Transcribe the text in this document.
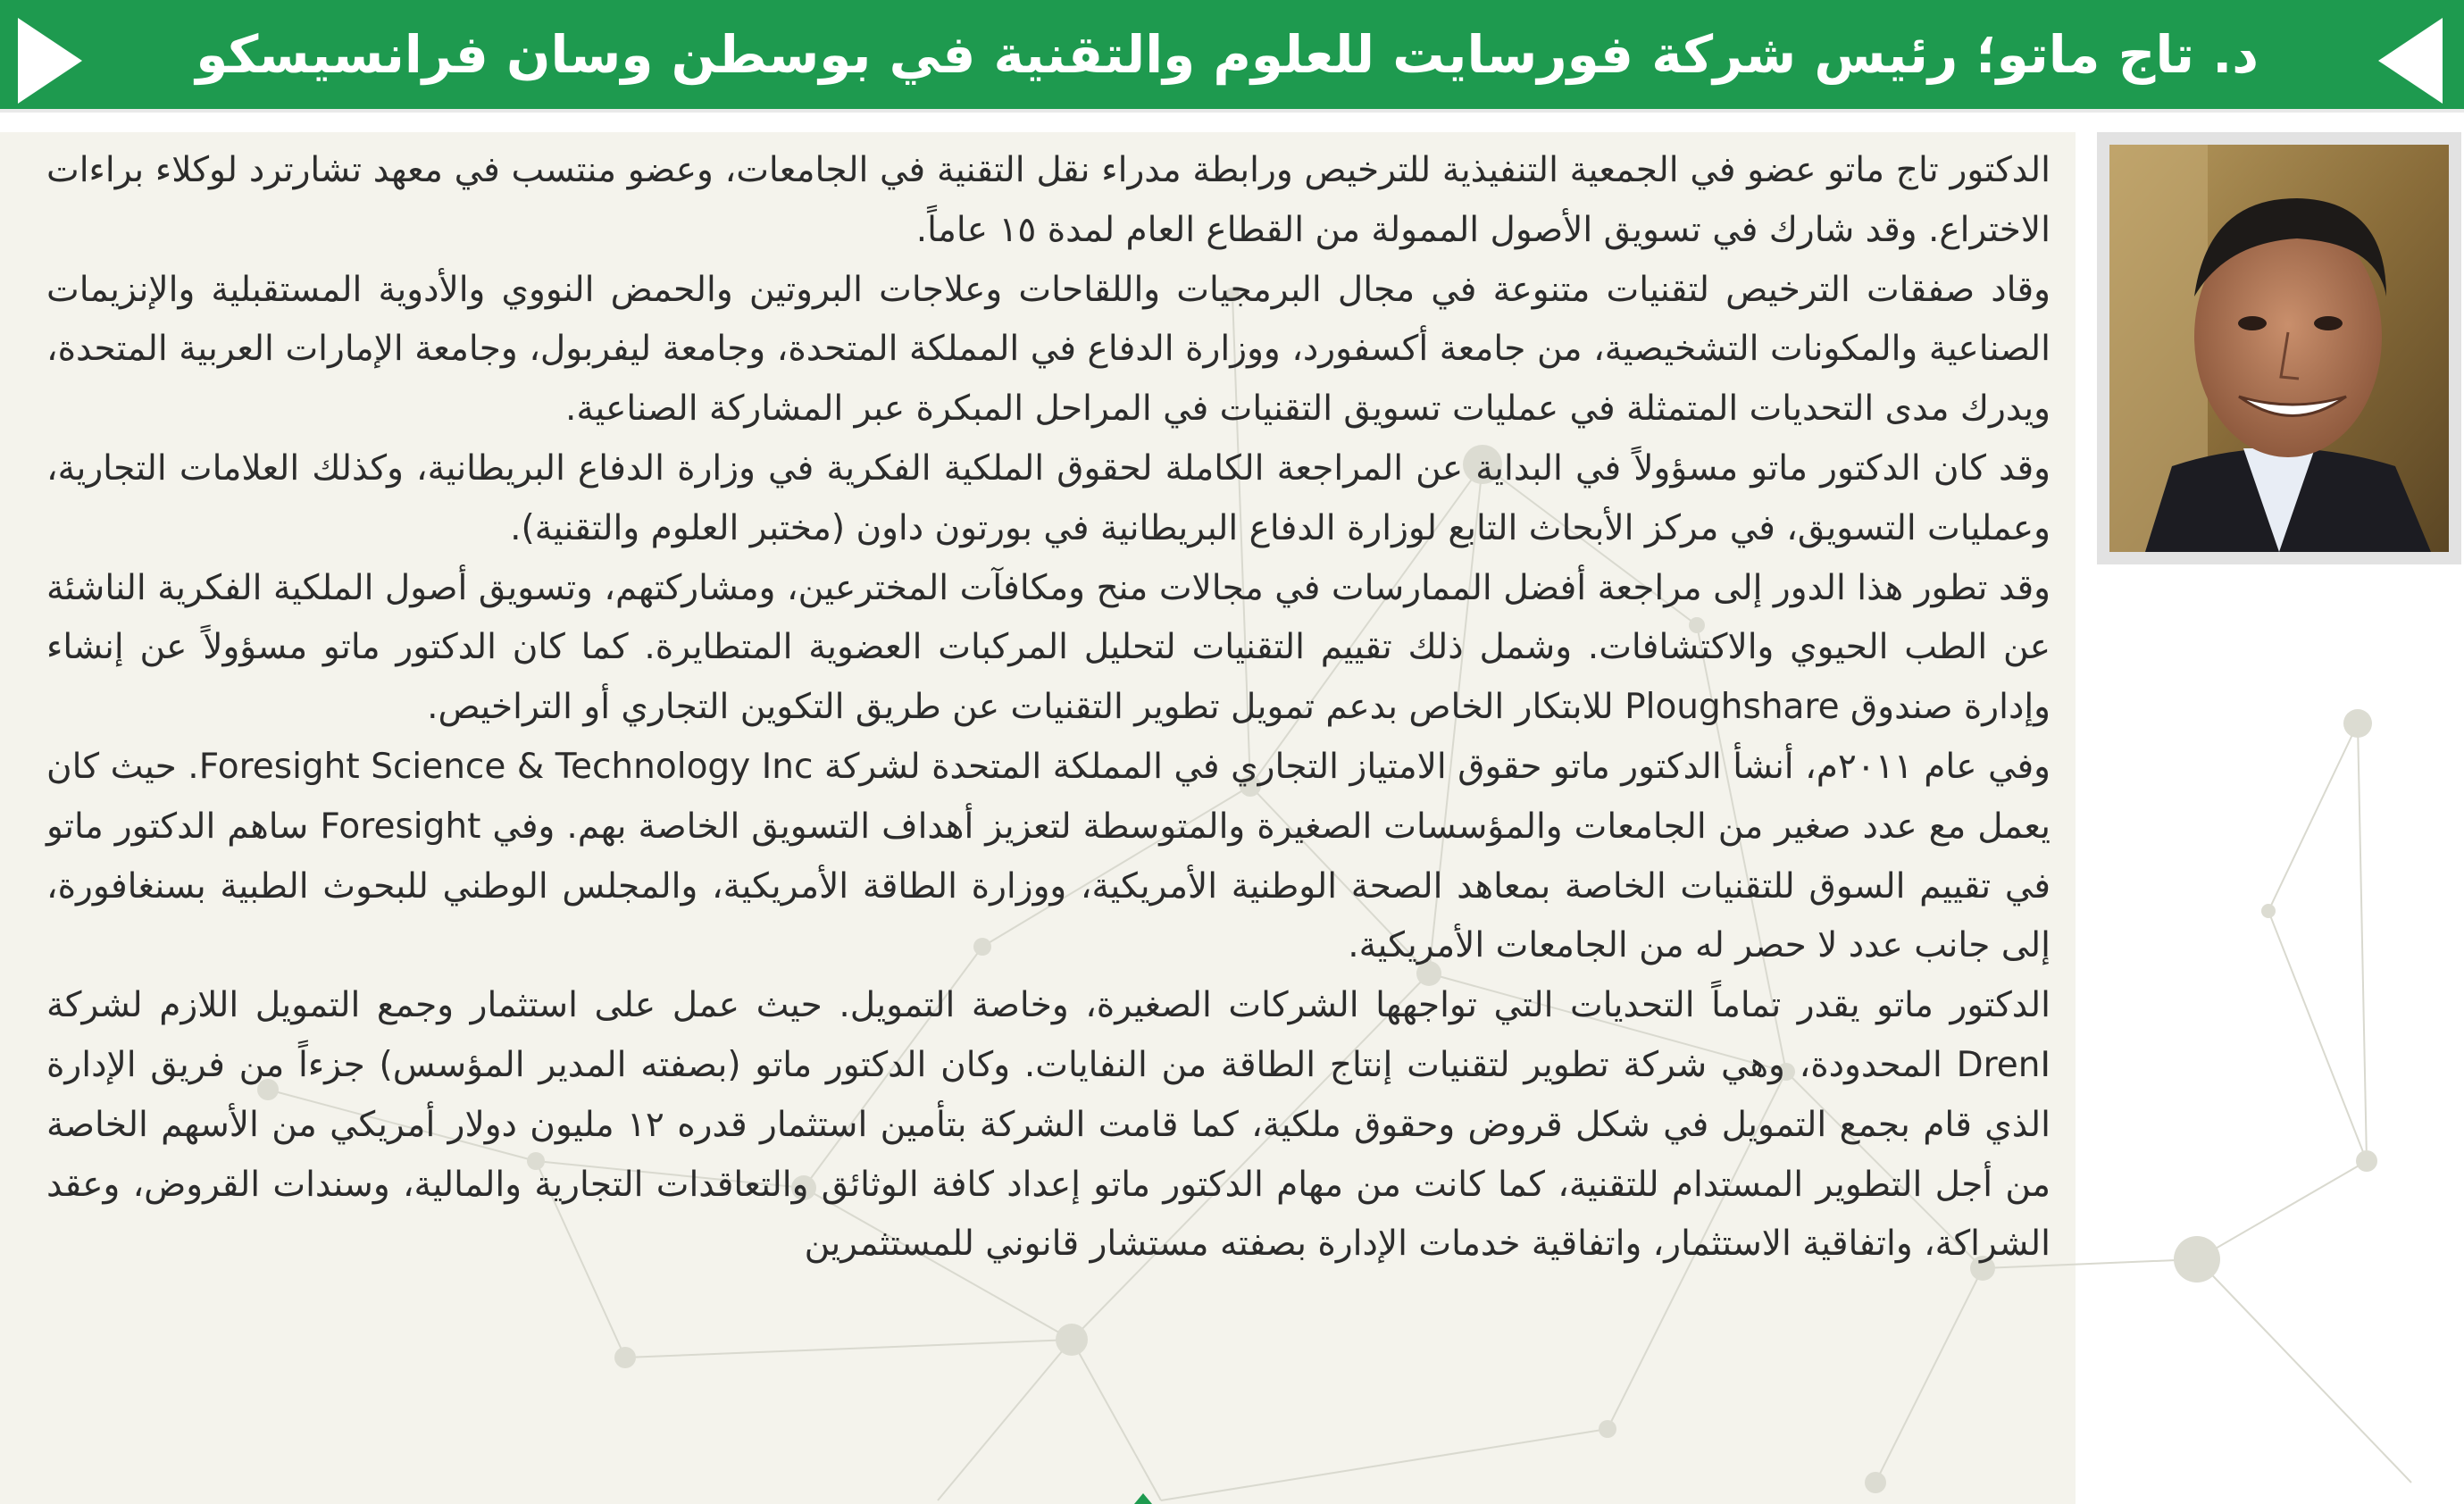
د. تاج ماتو؛ رئيس شركة فورسايت للعلوم والتقنية في بوسطن وسان فرانسيسكو

الدكتور تاج ماتو عضو في الجمعية التنفيذية للترخيص ورابطة مدراء نقل التقنية في الجامعات، وعضو منتسب في معهد تشارترد لوكلاء براءات الاختراع. وقد شارك في تسويق الأصول الممولة من القطاع العام لمدة ١٥ عاماً.

وقاد صفقات الترخيص لتقنيات متنوعة في مجال البرمجيات واللقاحات وعلاجات البروتين والحمض النووي والأدوية المستقبلية والإنزيمات الصناعية والمكونات التشخيصية، من جامعة أكسفورد، ووزارة الدفاع في المملكة المتحدة، وجامعة ليفربول، وجامعة الإمارات العربية المتحدة، ويدرك مدى التحديات المتمثلة في عمليات تسويق التقنيات في المراحل المبكرة عبر المشاركة الصناعية.

وقد كان الدكتور ماتو مسؤولاً في البداية عن المراجعة الكاملة لحقوق الملكية الفكرية في وزارة الدفاع البريطانية، وكذلك العلامات التجارية، وعمليات التسويق، في مركز الأبحاث التابع لوزارة الدفاع البريطانية في بورتون داون (مختبر العلوم والتقنية).

وقد تطور هذا الدور إلى مراجعة أفضل الممارسات في مجالات منح ومكافآت المخترعين، ومشاركتهم، وتسويق أصول الملكية الفكرية الناشئة عن الطب الحيوي والاكتشافات. وشمل ذلك تقييم التقنيات لتحليل المركبات العضوية المتطايرة. كما كان الدكتور ماتو مسؤولاً عن إنشاء وإدارة صندوق Ploughshare للابتكار الخاص بدعم تمويل تطوير التقنيات عن طريق التكوين التجاري أو التراخيص.

وفي عام ٢٠١١م، أنشأ الدكتور ماتو حقوق الامتياز التجاري في المملكة المتحدة لشركة Foresight Science & Technology Inc. حيث كان يعمل مع عدد صغير من الجامعات والمؤسسات الصغيرة والمتوسطة لتعزيز أهداف التسويق الخاصة بهم. وفي Foresight ساهم الدكتور ماتو في تقييم السوق للتقنيات الخاصة بمعاهد الصحة الوطنية الأمريكية، ووزارة الطاقة الأمريكية، والمجلس الوطني للبحوث الطبية بسنغافورة، إلى جانب عدد لا حصر له من الجامعات الأمريكية.

الدكتور ماتو يقدر تماماً التحديات التي تواجهها الشركات الصغيرة، وخاصة التمويل. حيث عمل على استثمار وجمع التمويل اللازم لشركة DrenI المحدودة، وهي شركة تطوير لتقنيات إنتاج الطاقة من النفايات. وكان الدكتور ماتو (بصفته المدير المؤسس) جزءاً من فريق الإدارة الذي قام بجمع التمويل في شكل قروض وحقوق ملكية، كما قامت الشركة بتأمين استثمار قدره ١٢ مليون دولار أمريكي من الأسهم الخاصة من أجل التطوير المستدام للتقنية، كما كانت من مهام الدكتور ماتو إعداد كافة الوثائق والتعاقدات التجارية والمالية، وسندات القروض، وعقد الشراكة، واتفاقية الاستثمار، واتفاقية خدمات الإدارة بصفته مستشار قانوني للمستثمرين
